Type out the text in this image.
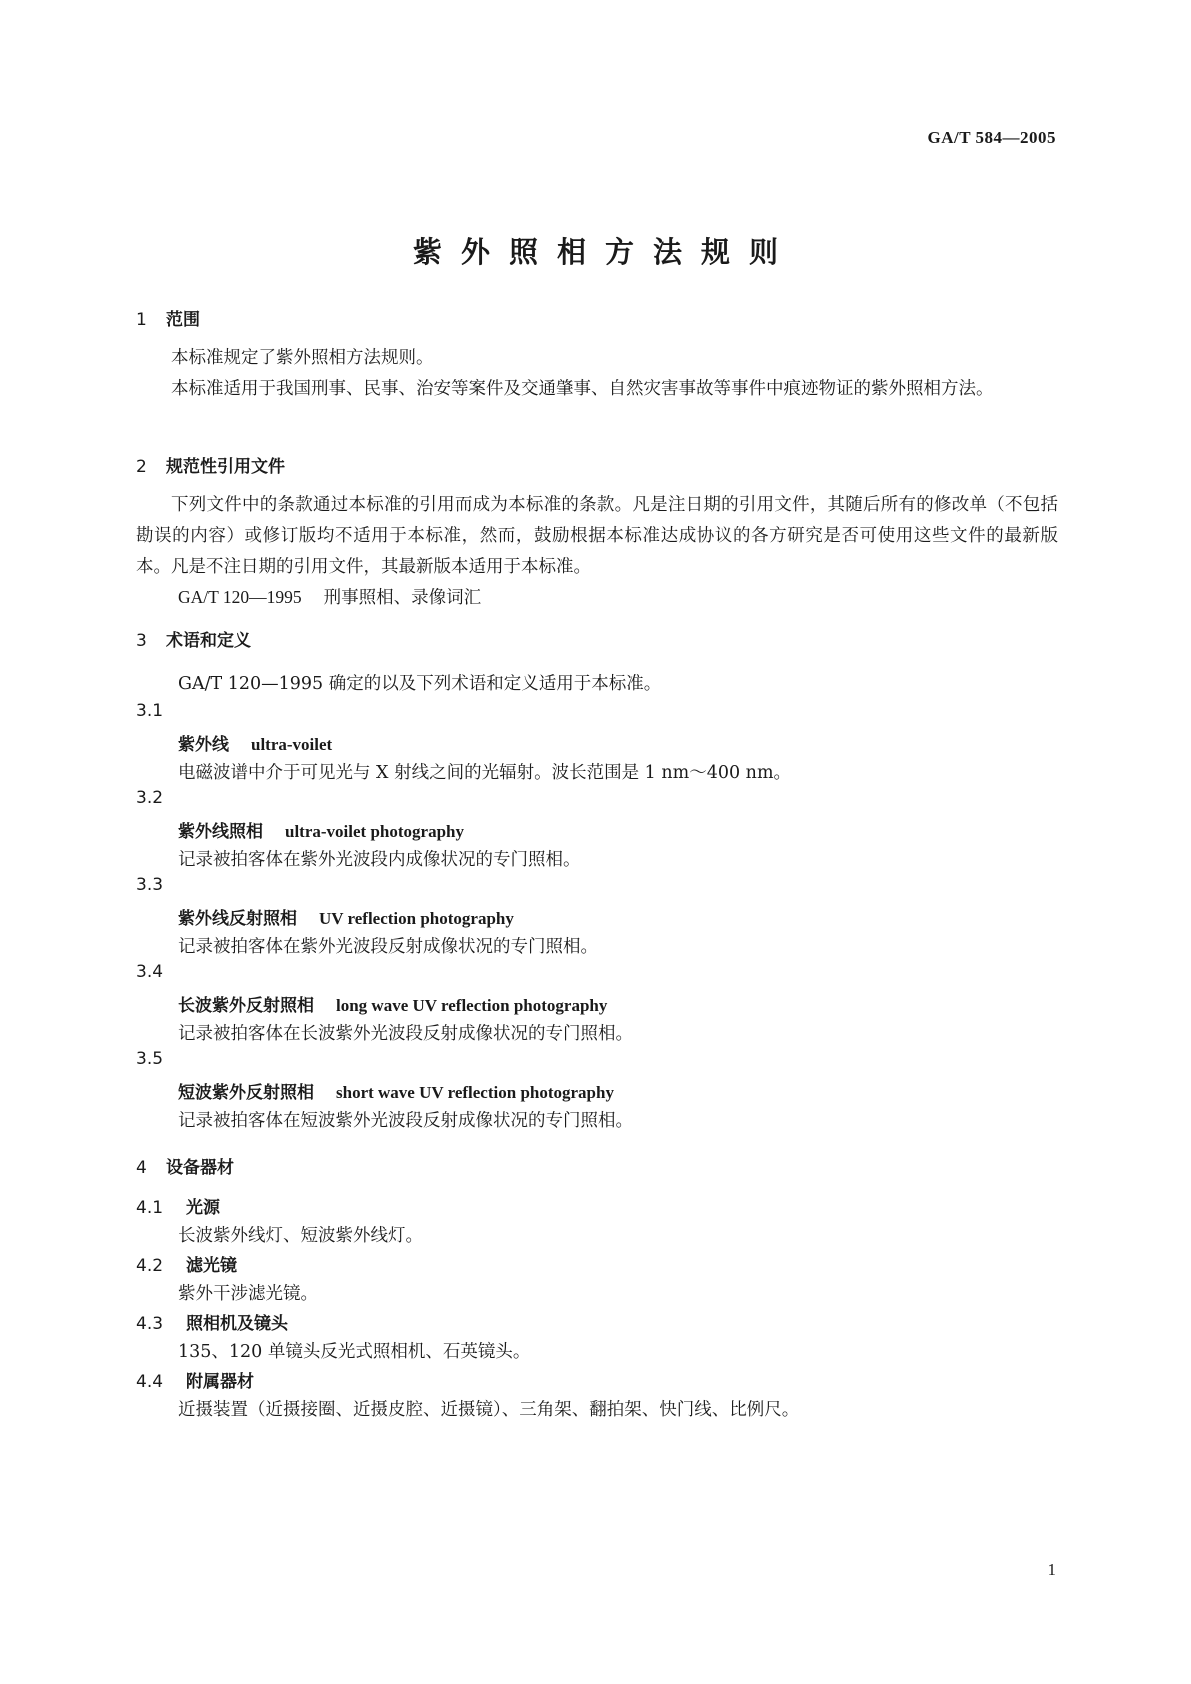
GA/T 584—2005
紫外照相方法规则
1 范围
本标准规定了紫外照相方法规则。
本标准适用于我国刑事、民事、治安等案件及交通肇事、自然灾害事故等事件中痕迹物证的紫外照相方法。
2 规范性引用文件
下列文件中的条款通过本标准的引用而成为本标准的条款。凡是注日期的引用文件，其随后所有的修改单（不包括勘误的内容）或修订版均不适用于本标准，然而，鼓励根据本标准达成协议的各方研究是否可使用这些文件的最新版本。凡是不注日期的引用文件，其最新版本适用于本标准。
GA/T 120—1995 刑事照相、录像词汇
3 术语和定义
GA/T 120—1995 确定的以及下列术语和定义适用于本标准。
3.1
紫外线 ultra-voilet
电磁波谱中介于可见光与 X 射线之间的光辐射。波长范围是 1 nm～400 nm。
3.2
紫外线照相 ultra-voilet photography
记录被拍客体在紫外光波段内成像状况的专门照相。
3.3
紫外线反射照相 UV reflection photography
记录被拍客体在紫外光波段反射成像状况的专门照相。
3.4
长波紫外反射照相 long wave UV reflection photography
记录被拍客体在长波紫外光波段反射成像状况的专门照相。
3.5
短波紫外反射照相 short wave UV reflection photography
记录被拍客体在短波紫外光波段反射成像状况的专门照相。
4 设备器材
4.1 光源
长波紫外线灯、短波紫外线灯。
4.2 滤光镜
紫外干涉滤光镜。
4.3 照相机及镜头
135、120 单镜头反光式照相机、石英镜头。
4.4 附属器材
近摄装置（近摄接圈、近摄皮腔、近摄镜）、三角架、翻拍架、快门线、比例尺。
1
